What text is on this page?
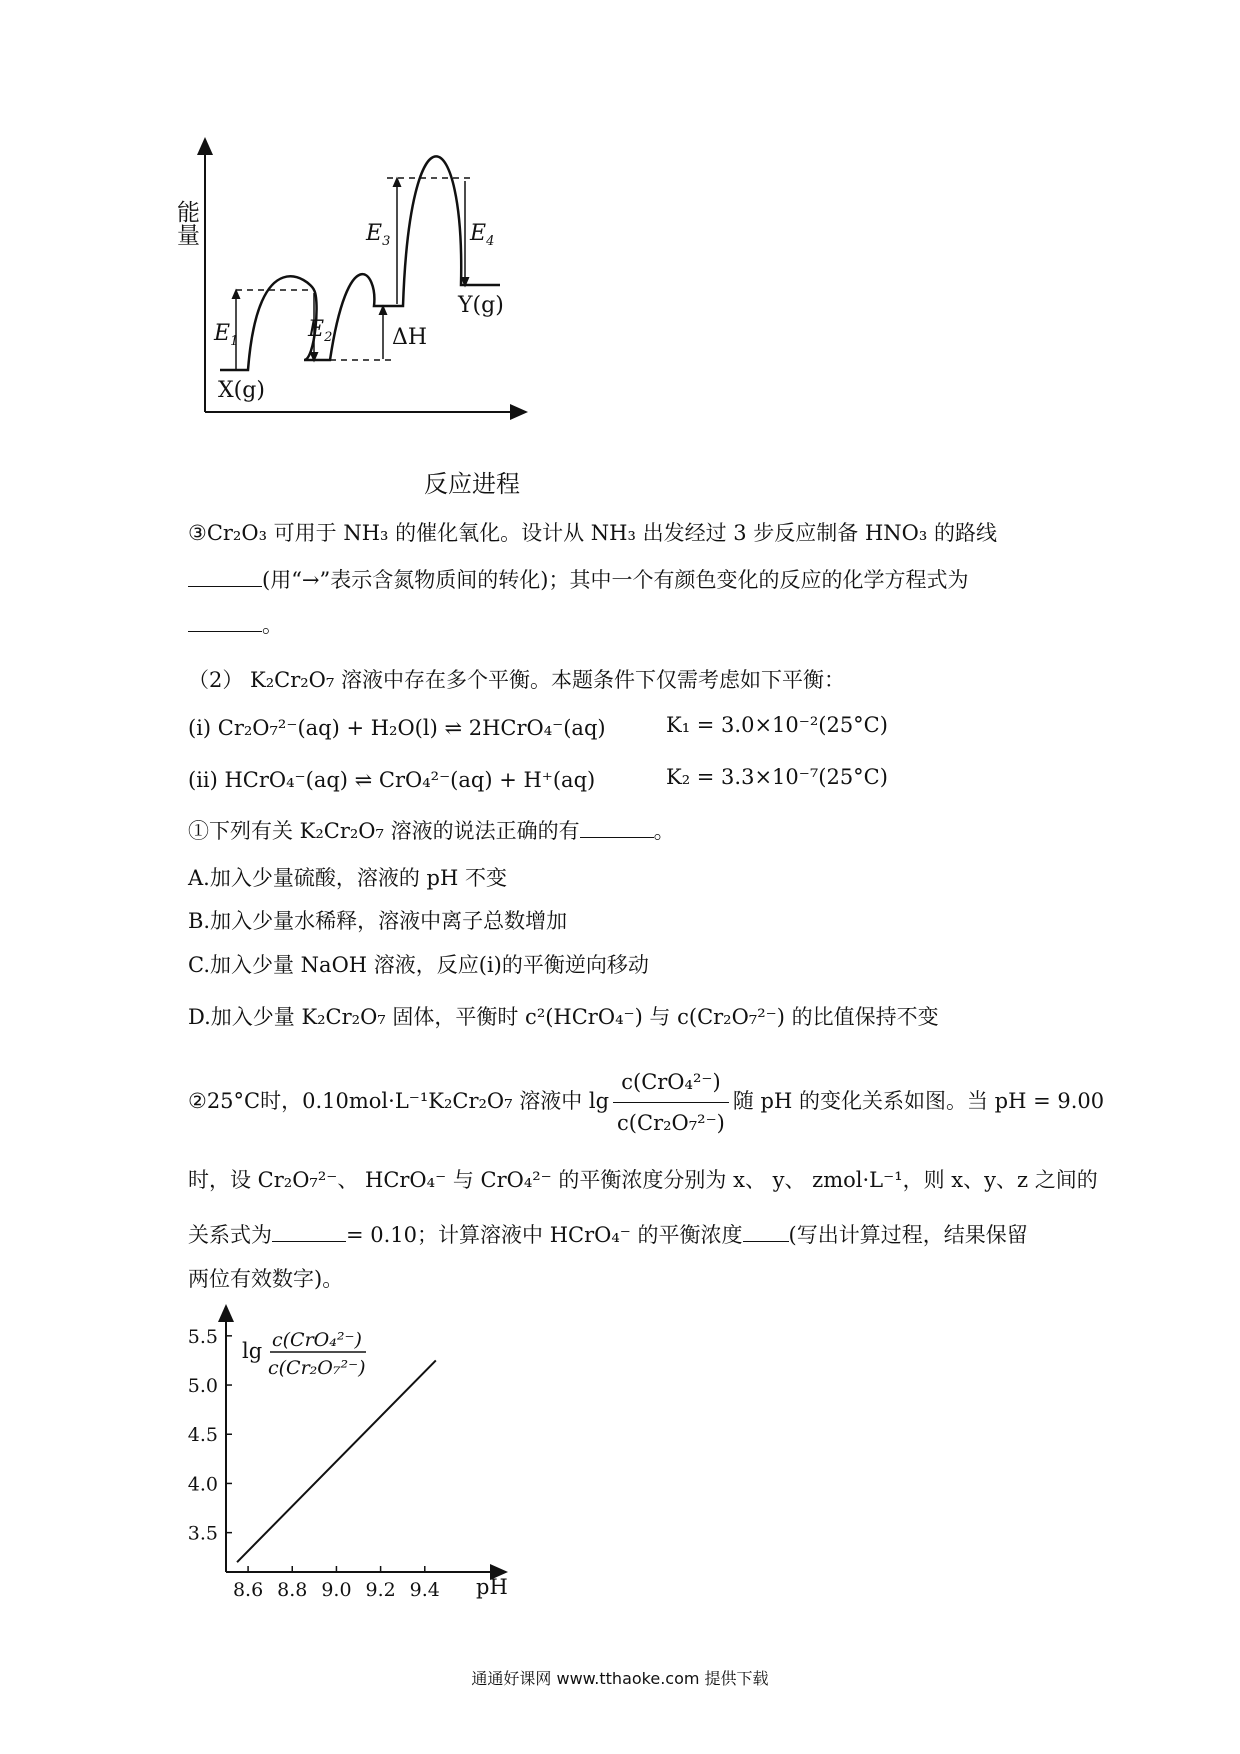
能量
$E_1$	$E_2$
$E_3$	$E_4$
ΔH
X(g)
Y(g)
反应进程
③Cr₂O₃ 可用于 NH₃ 的催化氧化。设计从 NH₃ 出发经过 3 步反应制备 HNO₃ 的路线
(用“→”表示含氮物质间的转化)；其中一个有颜色变化的反应的化学方程式为
。
（2） K₂Cr₂O₇ 溶液中存在多个平衡。本题条件下仅需考虑如下平衡：
(i) Cr₂O₇²⁻(aq) + H₂O(l) ⇌ 2HCrO₄⁻(aq)	K₁ = 3.0×10⁻²(25°C)
(ii) HCrO₄⁻(aq) ⇌ CrO₄²⁻(aq) + H⁺(aq)	K₂ = 3.3×10⁻⁷(25°C)
①下列有关 K₂Cr₂O₇ 溶液的说法正确的有	。
A.加入少量硫酸，溶液的 pH 不变
B.加入少量水稀释，溶液中离子总数增加
C.加入少量 NaOH 溶液，反应(i)的平衡逆向移动
D.加入少量 K₂Cr₂O₇ 固体，平衡时 c²(HCrO₄⁻) 与 c(Cr₂O₇²⁻) 的比值保持不变
②25°C时，0.10mol·L⁻¹K₂Cr₂O₇ 溶液中 $\lg \frac{\text{c(CrO₄²⁻)}}{\text{c(Cr₂O₇²⁻)}}$ 随 pH 的变化关系如图。当 pH = 9.00
时，设 Cr₂O₇²⁻、 HCrO₄⁻ 与 CrO₄²⁻ 的平衡浓度分别为 x、 y、 zmol·L⁻¹，则 x、y、z 之间的
关系式为	= 0.10；计算溶液中 HCrO₄⁻ 的平衡浓度 (写出计算过程，结果保留
两位有效数字)。
lg c(CrO₄²⁻)
c(Cr₂O₇²⁻)
pH
8.6 8.8 9.0 9.2 9.4
3.5
4.0
4.5
5.0
5.5
通通好课网 www.tthaoke.com 提供下载
